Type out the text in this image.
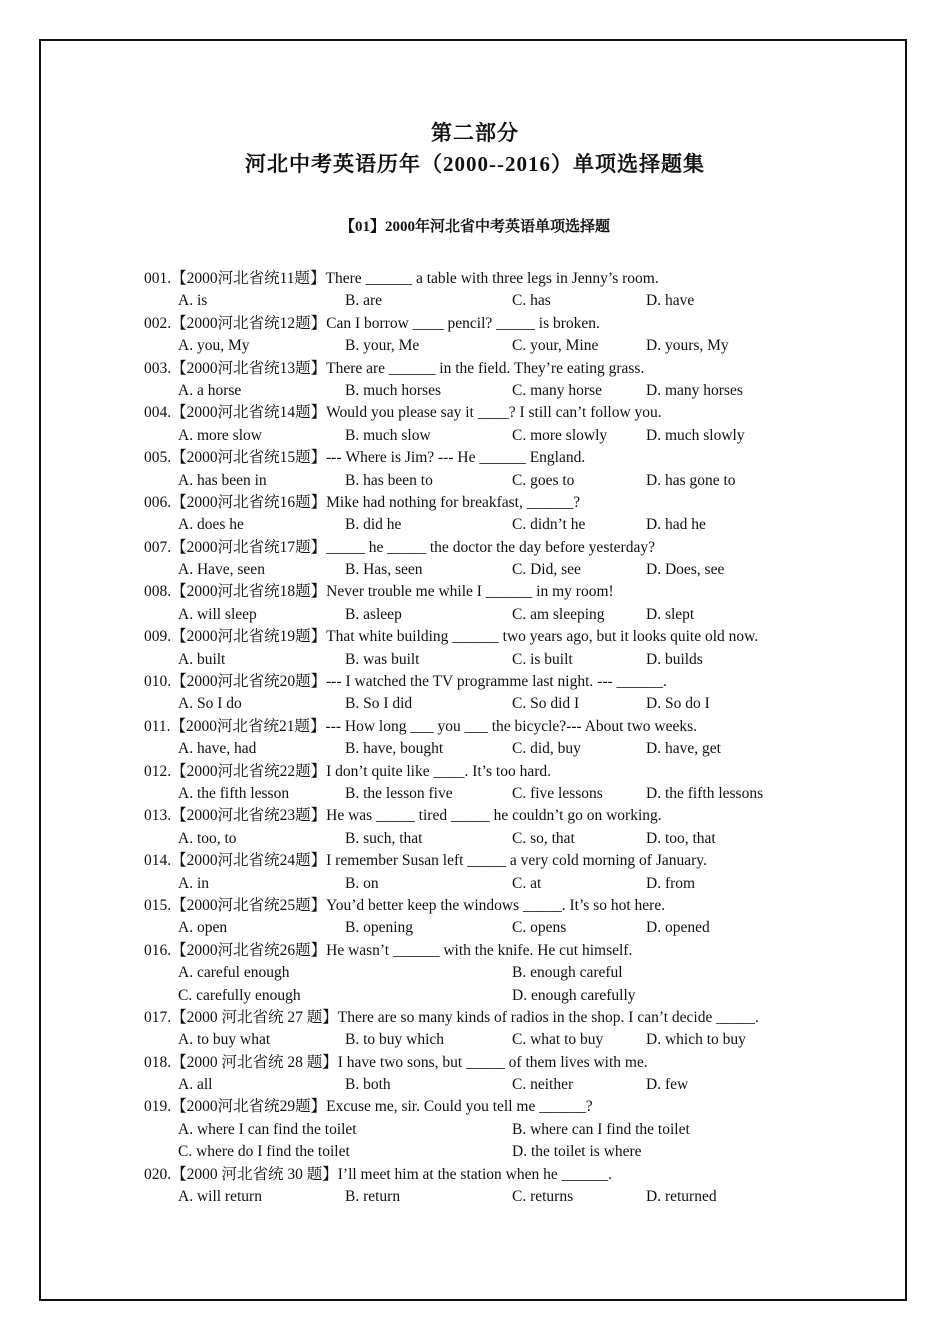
第二部分
河北中考英语历年（2000--2016）单项选择题集
【01】2000年河北省中考英语单项选择题
001.【2000河北省统11题】There ______ a table with three legs in Jenny’s room.
A. is	B. are	C. has	D. have
002.【2000河北省统12题】Can I borrow ____ pencil? _____ is broken.
A. you, My	B. your, Me	C. your, Mine	D. yours, My
003.【2000河北省统13题】There are ______ in the field. They’re eating grass.
A. a horse	B. much horses	C. many horse	D. many horses
004.【2000河北省统14题】Would you please say it ____? I still can’t follow you.
A. more slow	B. much slow	C. more slowly	D. much slowly
005.【2000河北省统15题】--- Where is Jim? --- He ______ England.
A. has been in	B. has been to	C. goes to	D. has gone to
006.【2000河北省统16题】Mike had nothing for breakfast, ______?
A. does he	B. did he	C. didn’t he	D. had he
007.【2000河北省统17题】_____ he _____ the doctor the day before yesterday?
A. Have, seen	B. Has, seen	C. Did, see	D. Does, see
008.【2000河北省统18题】Never trouble me while I ______ in my room!
A. will sleep	B. asleep	C. am sleeping	D. slept
009.【2000河北省统19题】That white building ______ two years ago, but it looks quite old now.
A. built	B. was built	C. is built	D. builds
010.【2000河北省统20题】--- I watched the TV programme last night. --- ______.
A. So I do	B. So I did	C. So did I	D. So do I
011.【2000河北省统21题】--- How long ___ you ___ the bicycle?--- About two weeks.
A. have, had	B. have, bought	C. did, buy	D. have, get
012.【2000河北省统22题】I don’t quite like ____. It’s too hard.
A. the fifth lesson	B. the lesson five	C. five lessons	D. the fifth lessons
013.【2000河北省统23题】He was _____ tired _____ he couldn’t go on working.
A. too, to	B. such, that	C. so, that	D. too, that
014.【2000河北省统24题】I remember Susan left _____ a very cold morning of January.
A. in	B. on	C. at	D. from
015.【2000河北省统25题】You’d better keep the windows _____. It’s so hot here.
A. open	B. opening	C. opens	D. opened
016.【2000河北省统26题】He wasn’t ______ with the knife. He cut himself.
A. careful enough	B. enough careful
C. carefully enough	D. enough carefully
017.【2000 河北省统 27 题】There are so many kinds of radios in the shop. I can’t decide _____.
A. to buy what	B. to buy which	C. what to buy	D. which to buy
018.【2000 河北省统 28 题】I have two sons, but _____ of them lives with me.
A. all	B. both	C. neither	D. few
019.【2000河北省统29题】Excuse me, sir. Could you tell me ______?
A. where I can find the toilet	B. where can I find the toilet
C. where do I find the toilet	D. the toilet is where
020.【2000 河北省统 30 题】I’ll meet him at the station when he ______.
A. will return	B. return	C. returns	D. returned
